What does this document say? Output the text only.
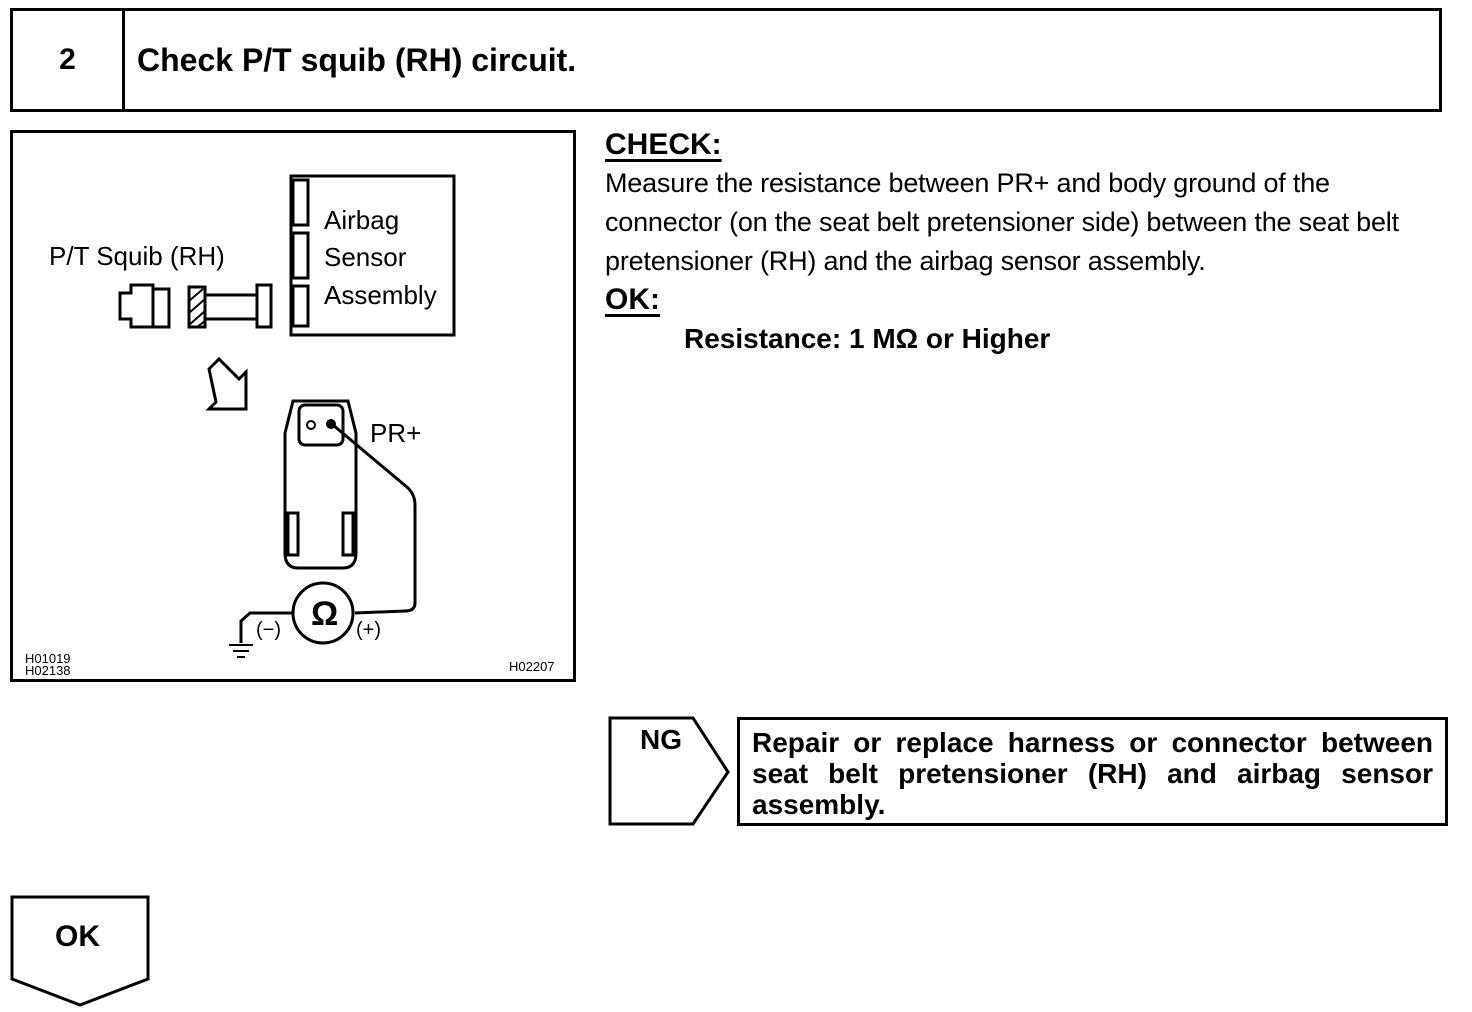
2	Check P/T squib (RH) circuit.
P/T Squib (RH)
Airbag
Sensor
Assembly
PR+
Ω
(−)	(+)
H01019
H02138	H02207
CHECK:
Measure the resistance between PR+ and body ground of the connector (on the seat belt pretensioner side) between the seat belt pretensioner (RH) and the airbag sensor assembly.
OK:
Resistance: 1 MΩ or Higher
NG	Repair or replace harness or connector between seat belt pretensioner (RH) and airbag sensor assembly.
OK
